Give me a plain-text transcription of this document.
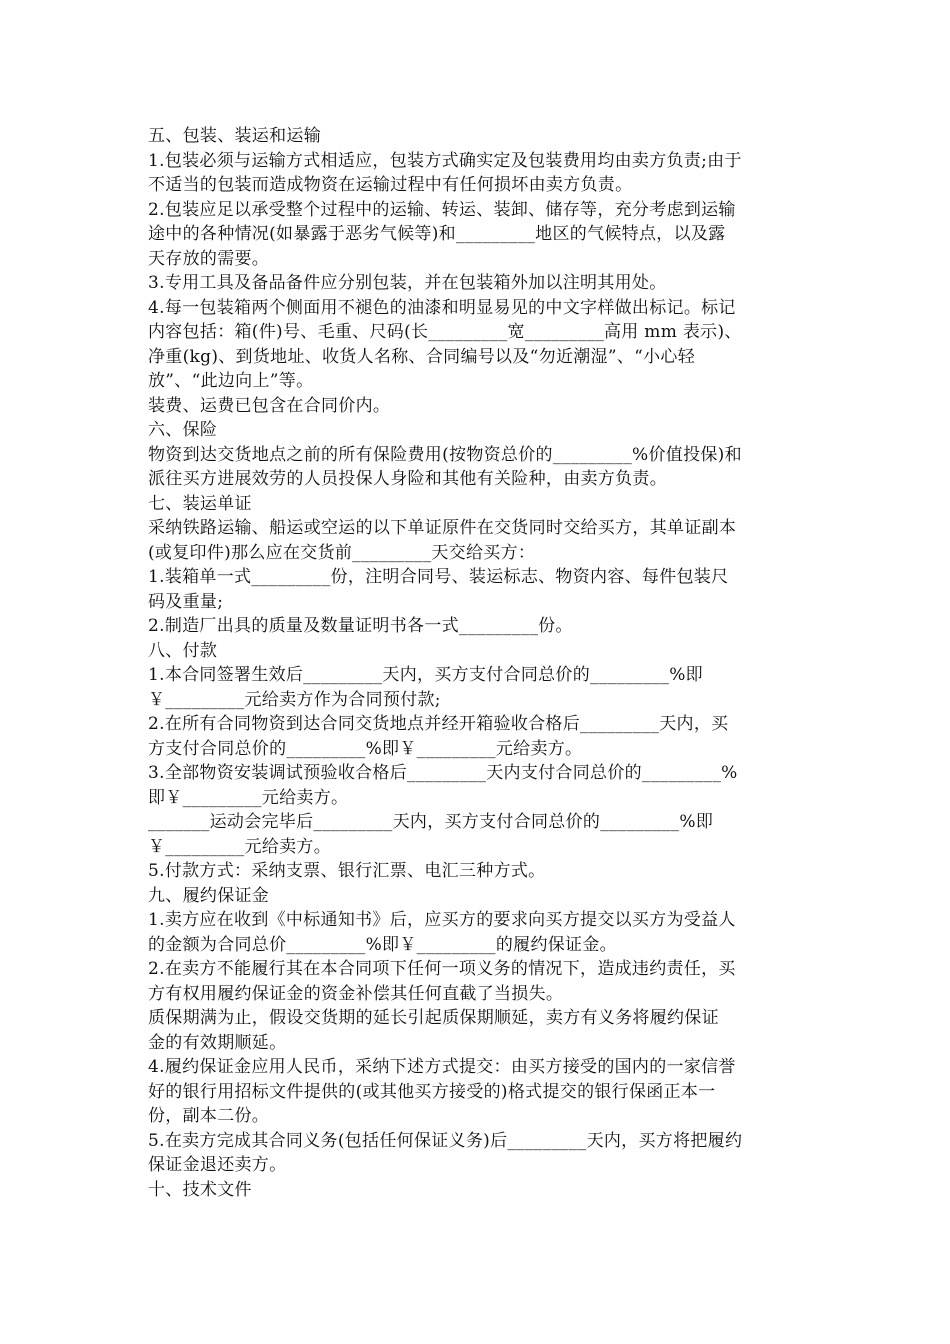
五、包装、装运和运输
1.包装必须与运输方式相适应，包装方式确实定及包装费用均由卖方负责;由于
不适当的包装而造成物资在运输过程中有任何损坏由卖方负责。
2.包装应足以承受整个过程中的运输、转运、装卸、储存等，充分考虑到运输
途中的各种情况(如暴露于恶劣气候等)和_________地区的气候特点，以及露
天存放的需要。
3.专用工具及备品备件应分别包装，并在包装箱外加以注明其用处。
4.每一包装箱两个侧面用不褪色的油漆和明显易见的中文字样做出标记。标记
内容包括：箱(件)号、毛重、尺码(长_________宽_________高用 mm 表示)、
净重(kg)、到货地址、收货人名称、合同编号以及“勿近潮湿”、“小心轻
放”、“此边向上”等。
装费、运费已包含在合同价内。
六、保险
物资到达交货地点之前的所有保险费用(按物资总价的_________%价值投保)和
派往买方进展效劳的人员投保人身险和其他有关险种，由卖方负责。
七、装运单证
采纳铁路运输、船运或空运的以下单证原件在交货同时交给买方，其单证副本
(或复印件)那么应在交货前_________天交给买方：
1.装箱单一式_________份，注明合同号、装运标志、物资内容、每件包装尺
码及重量;
2.制造厂出具的质量及数量证明书各一式_________份。
八、付款
1.本合同签署生效后_________天内，买方支付合同总价的_________%即
￥_________元给卖方作为合同预付款;
2.在所有合同物资到达合同交货地点并经开箱验收合格后_________天内，买
方支付合同总价的_________%即￥_________元给卖方。
3.全部物资安装调试预验收合格后_________天内支付合同总价的_________%
即￥_________元给卖方。
_______运动会完毕后_________天内，买方支付合同总价的_________%即
￥_________元给卖方。
5.付款方式：采纳支票、银行汇票、电汇三种方式。
九、履约保证金
1.卖方应在收到《中标通知书》后，应买方的要求向买方提交以买方为受益人
的金额为合同总价_________%即￥_________的履约保证金。
2.在卖方不能履行其在本合同项下任何一项义务的情况下，造成违约责任，买
方有权用履约保证金的资金补偿其任何直截了当损失。
质保期满为止，假设交货期的延长引起质保期顺延，卖方有义务将履约保证
金的有效期顺延。
4.履约保证金应用人民币，采纳下述方式提交：由买方接受的国内的一家信誉
好的银行用招标文件提供的(或其他买方接受的)格式提交的银行保函正本一
份，副本二份。
5.在卖方完成其合同义务(包括任何保证义务)后_________天内，买方将把履约
保证金退还卖方。
十、技术文件
